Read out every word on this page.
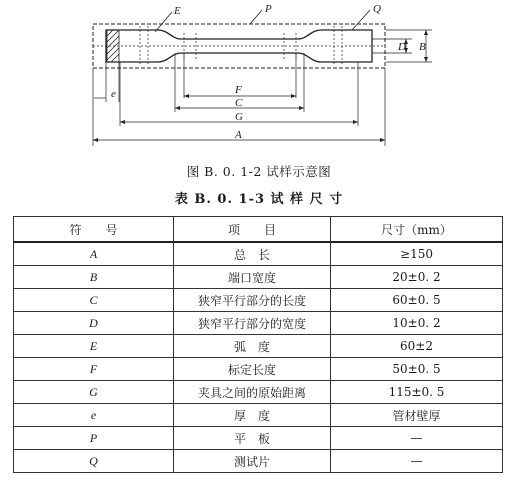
E	P	Q
D B
e	F
C
G
A
图 B. 0. 1-2 试样示意图
表 B. 0. 1-3 试 样 尺 寸
符　　号	项　　目	尺寸（mm）
A	总　长	≥150
B	端口宽度	20±0. 2
C	狭窄平行部分的长度	60±0. 5
D	狭窄平行部分的宽度	10±0. 2
E	弧　度	60±2
F	标定长度	50±0. 5
G	夹具之间的原始距离	115±0. 5
e	厚　度	管材壁厚
P	平　板	—
Q	测试片	—
